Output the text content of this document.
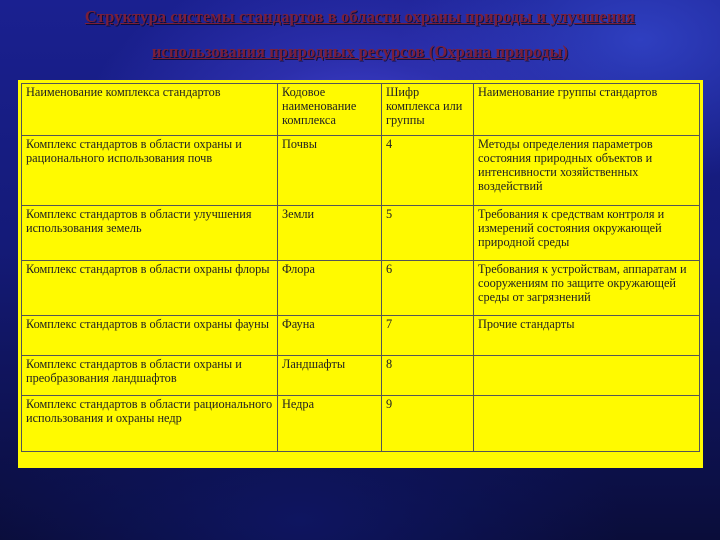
Структура системы стандартов в области охраны природы и улучшения
использования природных ресурсов (Охрана природы)
Наименование комплекса стандартов	Кодовое наименование комплекса	Шифр комплекса или группы	Наименование группы стандартов
Комплекс стандартов в области охраны и рационального использования почв	Почвы	4	Методы определения параметров состояния природных объектов и интенсивности хозяйственных воздействий
Комплекс стандартов в области улучшения использования земель	Земли	5	Требования к средствам контроля и измерений состояния окружающей природной среды
Комплекс стандартов в области охраны флоры	Флора	6	Требования к устройствам, аппаратам и сооружениям по защите окружающей среды от загрязнений
Комплекс стандартов в области охраны фауны	Фауна	7	Прочие стандарты
Комплекс стандартов в области охраны и преобразования ландшафтов	Ландшафты	8	
Комплекс стандартов в области рационального использования и охраны недр	Недра	9	
